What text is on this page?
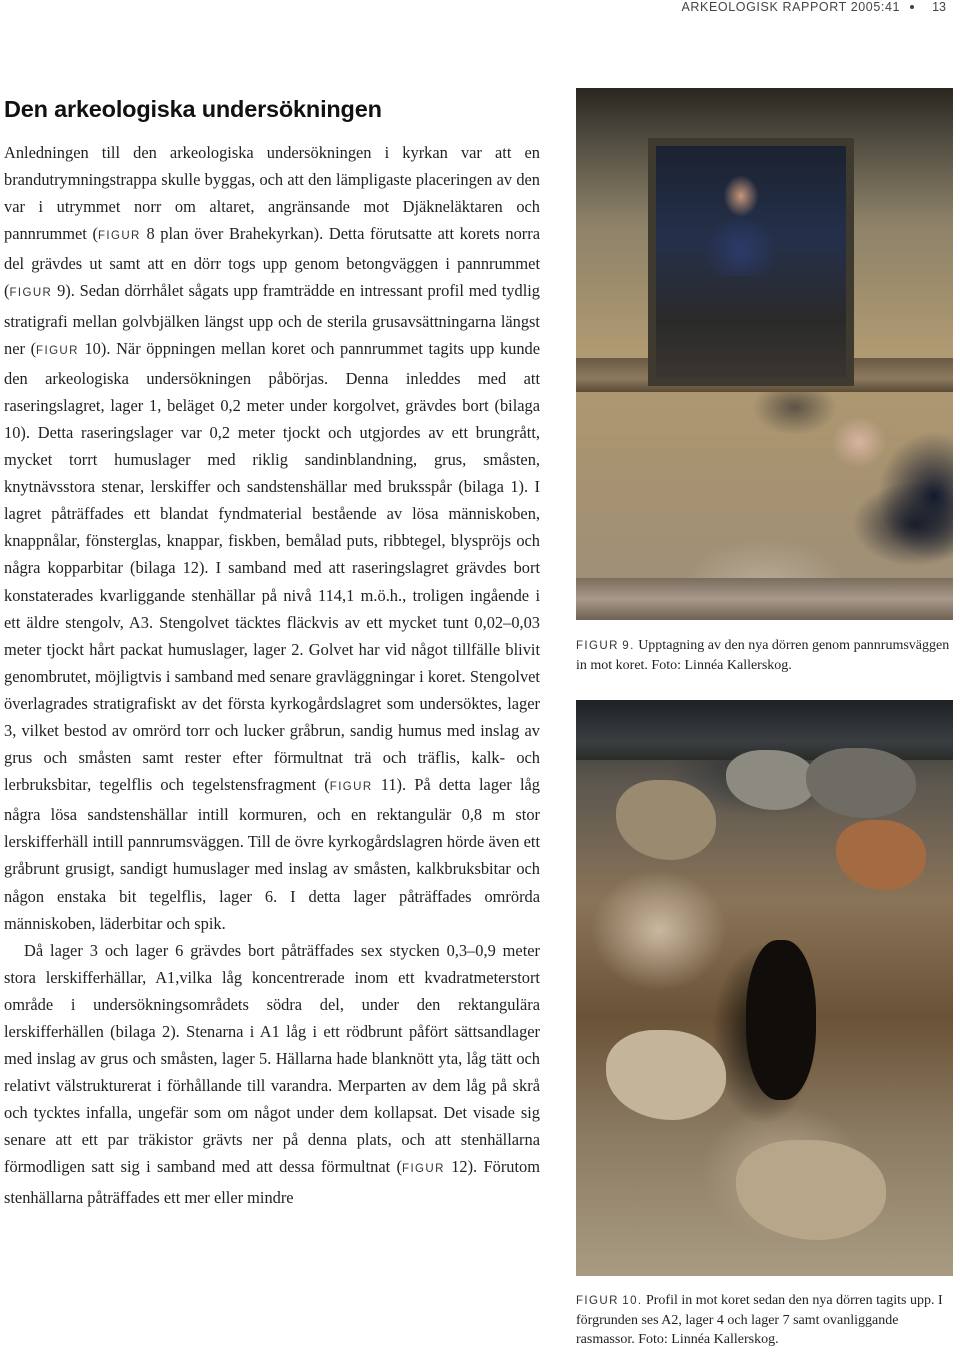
ARKEOLOGISK RAPPORT 2005:41	13
Den arkeologiska undersökningen

Anledningen till den arkeologiska undersökningen i kyrkan var att en brandutrymningstrappa skulle byggas, och att den lämpligaste placeringen av den var i utrymmet norr om altaret, angränsande mot Djäkneläktaren och pannrummet (FIGUR 8 plan över Brahekyrkan). Detta förutsatte att korets norra del grävdes ut samt att en dörr togs upp genom betongväggen i pannrummet (FIGUR 9). Sedan dörrhålet sågats upp framträdde en intressant profil med tydlig stratigrafi mellan golvbjälken längst upp och de sterila grusavsättningarna längst ner (FIGUR 10). När öppningen mellan koret och pannrummet tagits upp kunde den arkeologiska undersökningen påbörjas. Denna inleddes med att raseringslagret, lager 1, beläget 0,2 meter under korgolvet, grävdes bort (bilaga 10). Detta raseringslager var 0,2 meter tjockt och utgjordes av ett brungrått, mycket torrt humuslager med riklig sandinblandning, grus, småsten, knytnävsstora stenar, lerskiffer och sandstenshällar med bruksspår (bilaga 1). I lagret påträffades ett blandat fyndmaterial bestående av lösa människoben, knappnålar, fönsterglas, knappar, fiskben, bemålad puts, ribbtegel, blyspröjs och några kopparbitar (bilaga 12). I samband med att raseringslagret grävdes bort konstaterades kvarliggande stenhällar på nivå 114,1 m.ö.h., troligen ingående i ett äldre stengolv, A3. Stengolvet täcktes fläckvis av ett mycket tunt 0,02–0,03 meter tjockt hårt packat humuslager, lager 2. Golvet har vid något tillfälle blivit genombrutet, möjligtvis i samband med senare gravläggningar i koret. Stengolvet överlagrades stratigrafiskt av det första kyrkogårdslagret som undersöktes, lager 3, vilket bestod av omrörd torr och lucker gråbrun, sandig humus med inslag av grus och småsten samt rester efter förmultnat trä och träflis, kalk- och lerbruksbitar, tegelflis och tegelstensfragment (FIGUR 11). På detta lager låg några lösa sandstenshällar intill kormuren, och en rektangulär 0,8 m stor lerskifferhäll intill pannrumsväggen. Till de övre kyrkogårdslagren hörde även ett gråbrunt grusigt, sandigt humuslager med inslag av småsten, kalkbruksbitar och någon enstaka bit tegelflis, lager 6. I detta lager påträffades omrörda människoben, läderbitar och spik.

Då lager 3 och lager 6 grävdes bort påträffades sex stycken 0,3–0,9 meter stora lerskifferhällar, A1,vilka låg koncentrerade inom ett kvadratmeterstort område i undersökningsområdets södra del, under den rektangulära lerskifferhällen (bilaga 2). Stenarna i A1 låg i ett rödbrunt påfört sättsandlager med inslag av grus och småsten, lager 5. Hällarna hade blanknött yta, låg tätt och relativt välstrukturerat i förhållande till varandra. Merparten av dem låg på skrå och tycktes infalla, ungefär som om något under dem kollapsat. Det visade sig senare att ett par träkistor grävts ner på denna plats, och att stenhällarna förmodligen satt sig i samband med att dessa förmultnat (FIGUR 12). Förutom stenhällarna påträffades ett mer eller mindre

FIGUR 9. Upptagning av den nya dörren genom pannrumsväggen in mot koret. Foto: Linnéa Kallerskog.
FIGUR 10. Profil in mot koret sedan den nya dörren tagits upp. I förgrunden ses A2, lager 4 och lager 7 samt ovanliggande rasmassor. Foto: Linnéa Kallerskog.
